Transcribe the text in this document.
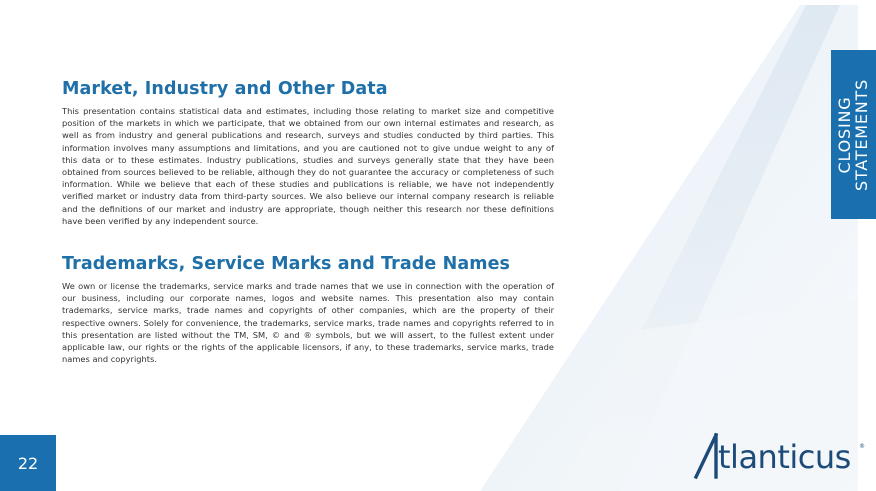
Market, Industry and Other Data

This presentation contains statistical data and estimates, including those relating to market size and competitive position of the markets in which we participate, that we obtained from our own internal estimates and research, as well as from industry and general publications and research, surveys and studies conducted by third parties. This information involves many assumptions and limitations, and you are cautioned not to give undue weight to any of this data or to these estimates. Industry publications, studies and surveys generally state that they have been obtained from sources believed to be reliable, although they do not guarantee the accuracy or completeness of such information. While we believe that each of these studies and publications is reliable, we have not independently verified market or industry data from third-party sources. We also believe our internal company research is reliable and the definitions of our market and industry are appropriate, though neither this research nor these definitions have been verified by any independent source.

Trademarks, Service Marks and Trade Names

We own or license the trademarks, service marks and trade names that we use in connection with the operation of our business, including our corporate names, logos and website names. This presentation also may contain trademarks, service marks, trade names and copyrights of other companies, which are the property of their respective owners. Solely for convenience, the trademarks, service marks, trade names and copyrights referred to in this presentation are listed without the TM, SM, © and ® symbols, but we will assert, to the fullest extent under applicable law, our rights or the rights of the applicable licensors, if any, to these trademarks, service marks, trade names and copyrights.

CLOSING
STATEMENTS
22	tlanticus ®
